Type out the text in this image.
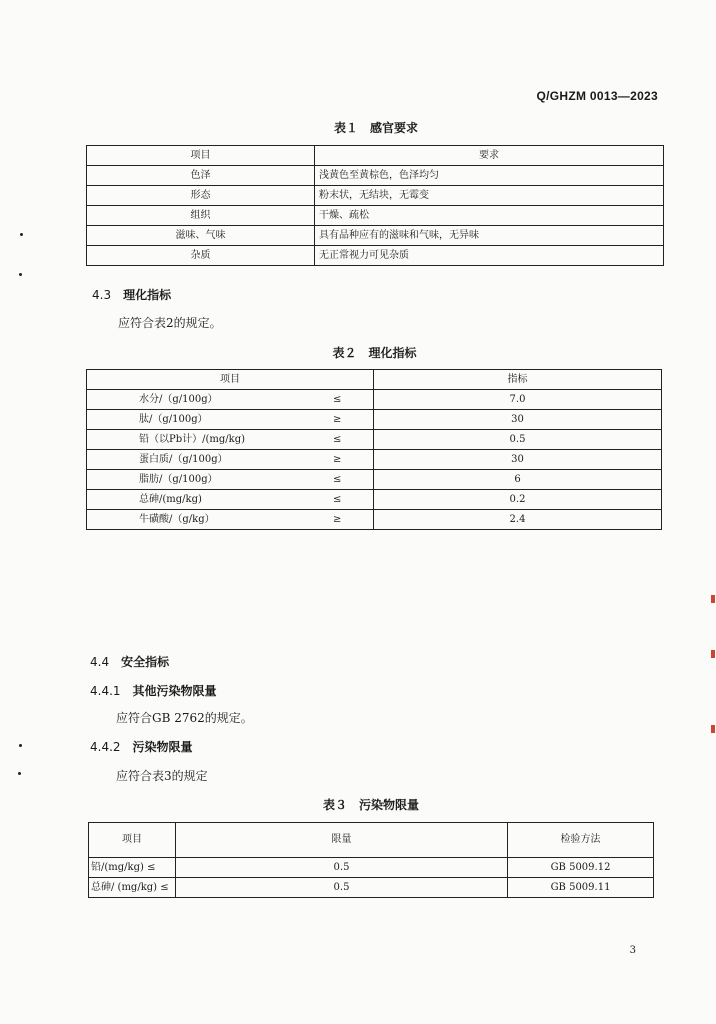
Q/GHZM 0013—2023
表１　感官要求
项目	要求
色泽	浅黄色至黄棕色，色泽均匀
形态	粉末状，无结块，无霉变
组织	干燥、疏松
滋味、气味	具有品种应有的滋味和气味，无异味
杂质	无正常视力可见杂质
4.3 理化指标
应符合表2的规定。
表２　理化指标
项目		指标
水分/（g/100g）	≤	7.0
肽/（g/100g）	≥	30
铅（以Pb计）/(mg/kg)	≤	0.5
蛋白质/（g/100g）	≥	30
脂肪/（g/100g）	≤	6
总砷/(mg/kg)	≤	0.2
牛磺酸/（g/kg）	≥	2.4
4.4 安全指标
4.4.1 其他污染物限量
应符合GB 2762的规定。
4.4.2 污染物限量
应符合表3的规定
表３　污染物限量
项目	限量	检验方法
铅/(mg/kg) ≤	0.5	GB 5009.12
总砷/ (mg/kg) ≤	0.5	GB 5009.11
3
